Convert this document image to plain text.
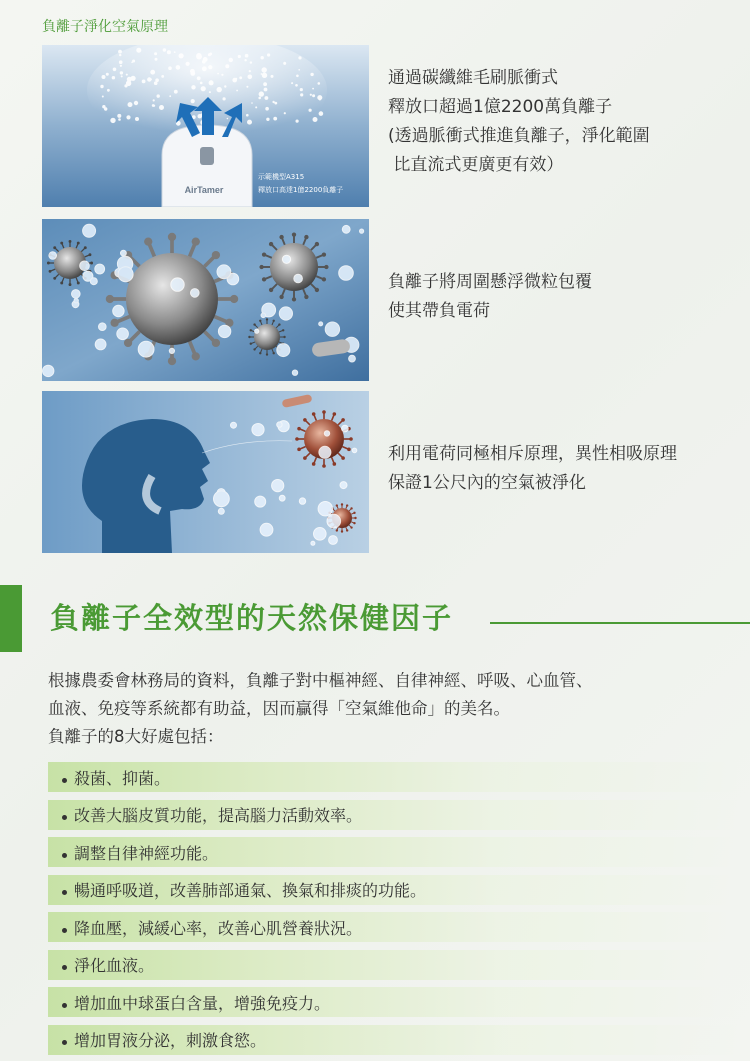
負離子淨化空氣原理
AirTamer
示範機型A315
釋放口高達1億2200負離子
通過碳纖維毛刷脈衝式
釋放口超過1億2200萬負離子
(透過脈衝式推進負離子，淨化範圍
比直流式更廣更有效）
負離子將周圍懸浮微粒包覆
使其帶負電荷
利用電荷同極相斥原理，異性相吸原理
保證1公尺內的空氣被淨化
負離子全效型的天然保健因子
根據農委會林務局的資料，負離子對中樞神經、自律神經、呼吸、心血管、
血液、免疫等系統都有助益，因而贏得「空氣維他命」的美名。
負離子的8大好處包括：
殺菌、抑菌。
改善大腦皮質功能，提高腦力活動效率。
調整自律神經功能。
暢通呼吸道，改善肺部通氣、換氣和排痰的功能。
降血壓，減緩心率，改善心肌營養狀況。
淨化血液。
增加血中球蛋白含量，增強免疫力。
增加胃液分泌，刺激食慾。
